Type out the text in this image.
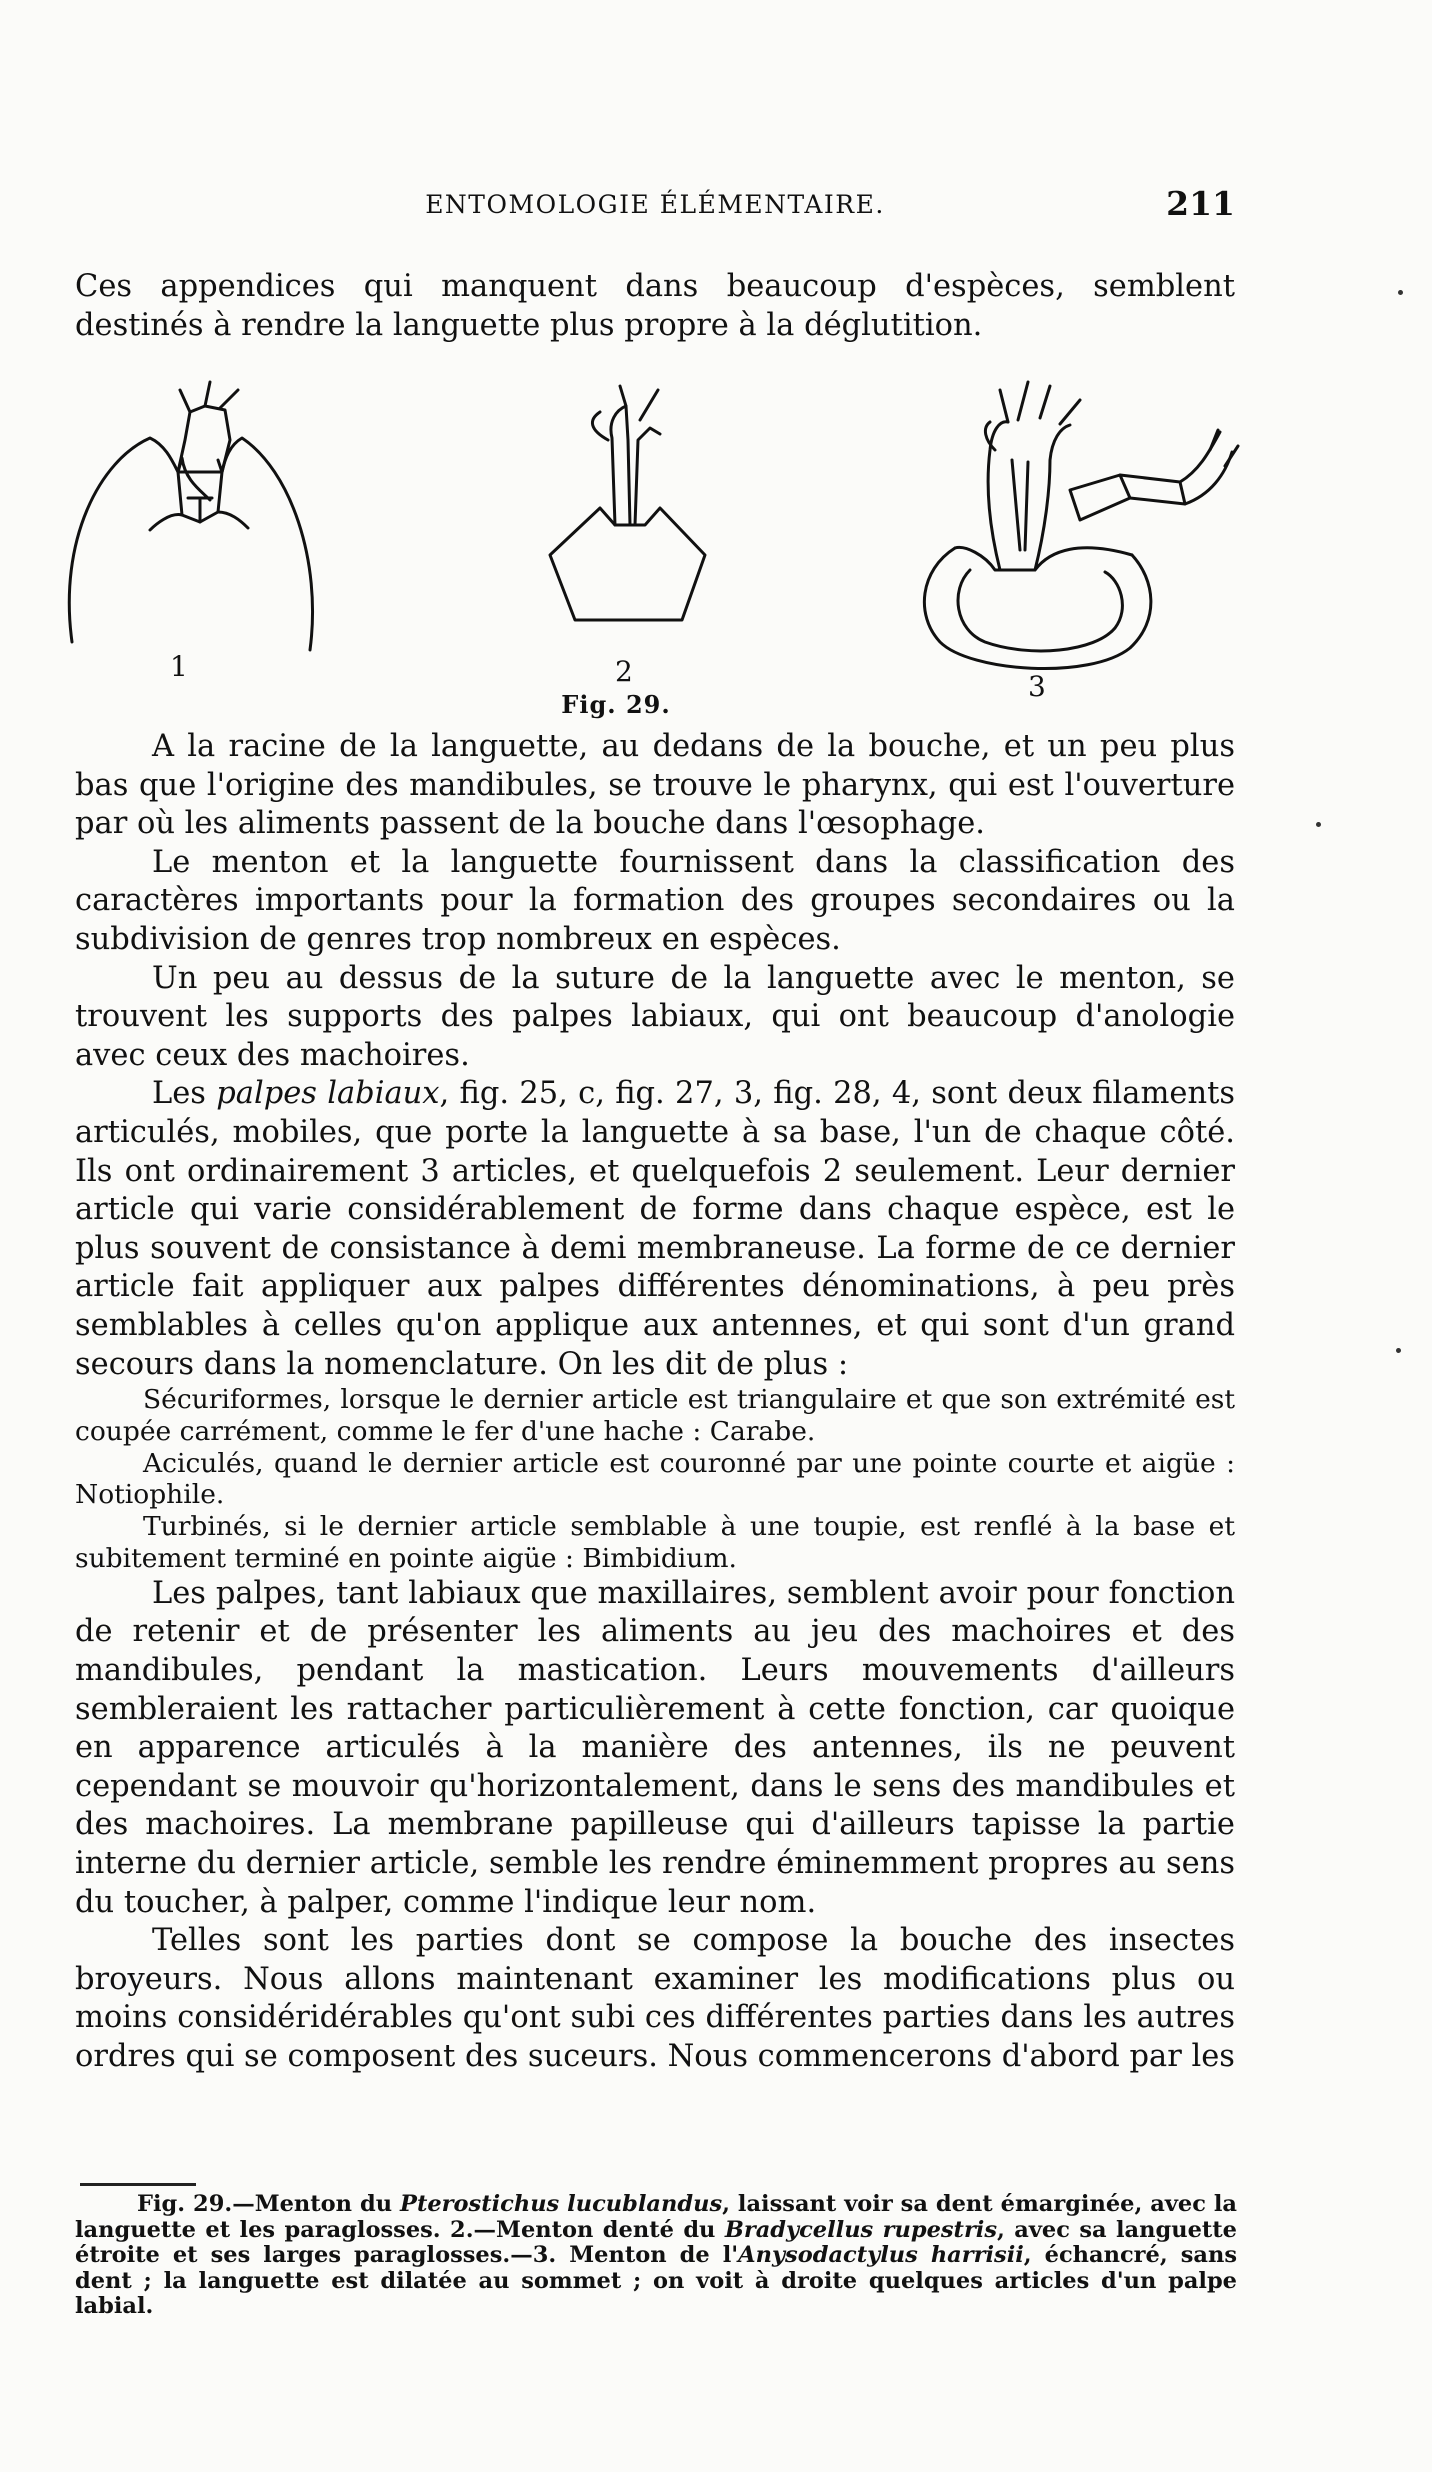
ENTOMOLOGIE ÉLÉMENTAIRE.	211

Ces appendices qui manquent dans beaucoup d'espèces, semblent destinés à rendre la languette plus propre à la déglutition.

1	2	3
Fig. 29.

A la racine de la languette, au dedans de la bouche, et un peu plus bas que l'origine des mandibules, se trouve le pharynx, qui est l'ouverture par où les aliments passent de la bouche dans l'œsophage.

Le menton et la languette fournissent dans la classification des caractères importants pour la formation des groupes secondaires ou la subdivision de genres trop nombreux en espèces.

Un peu au dessus de la suture de la languette avec le menton, se trouvent les supports des palpes labiaux, qui ont beaucoup d'anologie avec ceux des machoires.

Les palpes labiaux, fig. 25, c, fig. 27, 3, fig. 28, 4, sont deux filaments articulés, mobiles, que porte la languette à sa base, l'un de chaque côté. Ils ont ordinairement 3 articles, et quelquefois 2 seulement. Leur dernier article qui varie considérablement de forme dans chaque espèce, est le plus souvent de consistance à demi membraneuse. La forme de ce dernier article fait appliquer aux palpes différentes dénominations, à peu près semblables à celles qu'on applique aux antennes, et qui sont d'un grand secours dans la nomenclature. On les dit de plus :

Sécuriformes, lorsque le dernier article est triangulaire et que son extrémité est coupée carrément, comme le fer d'une hache : Carabe.

Aciculés, quand le dernier article est couronné par une pointe courte et aigüe : Notiophile.

Turbinés, si le dernier article semblable à une toupie, est renflé à la base et subitement terminé en pointe aigüe : Bimbidium.

Les palpes, tant labiaux que maxillaires, semblent avoir pour fonction de retenir et de présenter les aliments au jeu des machoires et des mandibules, pendant la mastication. Leurs mouvements d'ailleurs sembleraient les rattacher particulièrement à cette fonction, car quoique en apparence articulés à la manière des antennes, ils ne peuvent cependant se mouvoir qu'horizontalement, dans le sens des mandibules et des machoires. La membrane papilleuse qui d'ailleurs tapisse la partie interne du dernier article, semble les rendre éminemment propres au sens du toucher, à palper, comme l'indique leur nom.

Telles sont les parties dont se compose la bouche des insectes broyeurs. Nous allons maintenant examiner les modifications plus ou moins considéridérables qu'ont subi ces différentes parties dans les autres ordres qui se composent des suceurs. Nous commencerons d'abord par les

Fig. 29.—Menton du Pterostichus lucublandus, laissant voir sa dent émarginée, avec la languette et les paraglosses. 2.—Menton denté du Bradycellus rupestris, avec sa languette étroite et ses larges paraglosses.—3. Menton de l'Anysodactylus harrisii, échancré, sans dent ; la languette est dilatée au sommet ; on voit à droite quelques articles d'un palpe labial.
